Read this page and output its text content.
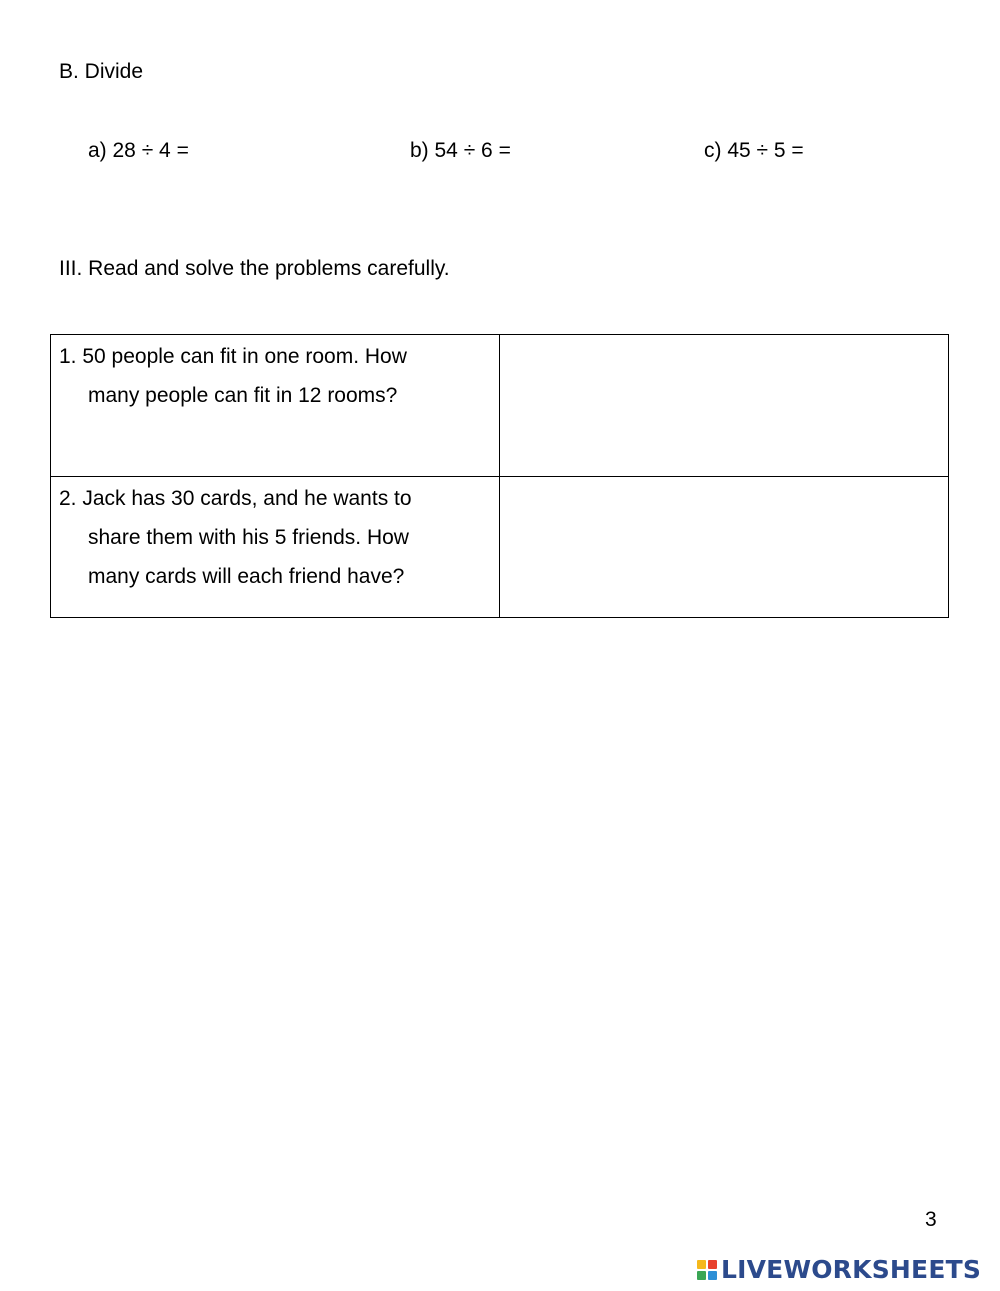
B. Divide
a) 28 ÷ 4 =	b) 54 ÷ 6 =	c) 45 ÷ 5 =
III. Read and solve the problems carefully.
1. 50 people can fit in one room. How
many people can fit in 12 rooms?	

2. Jack has 30 cards, and he wants to
share them with his 5 friends. How
many cards will each friend have?	

3
LIVEWORKSHEETS
